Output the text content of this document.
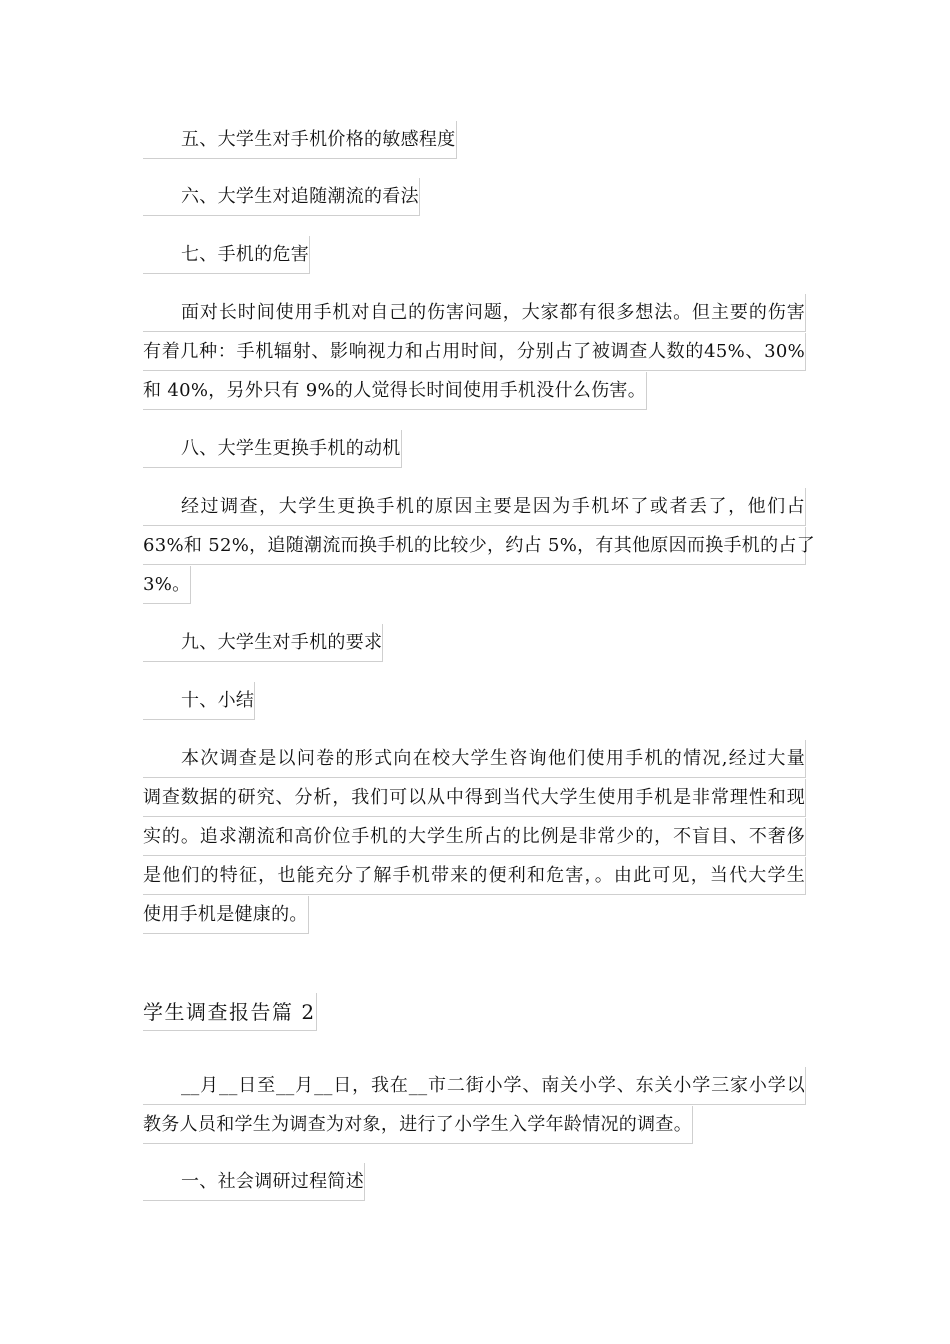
五、大学生对手机价格的敏感程度
六、大学生对追随潮流的看法
七、手机的危害
面对长时间使用手机对自己的伤害问题，大家都有很多想法。但主要的伤害
有着几种：手机辐射、影响视力和占用时间，分别占了被调查人数的45%、30%
和 40%，另外只有 9%的人觉得长时间使用手机没什么伤害。
八、大学生更换手机的动机
经过调查，大学生更换手机的原因主要是因为手机坏了或者丢了，他们占
63%和 52%，追随潮流而换手机的比较少，约占 5%，有其他原因而换手机的占了
3%。
九、大学生对手机的要求
十、小结
本次调查是以问卷的形式向在校大学生咨询他们使用手机的情况,经过大量
调查数据的研究、分析，我们可以从中得到当代大学生使用手机是非常理性和现
实的。追求潮流和高价位手机的大学生所占的比例是非常少的，不盲目、不奢侈
是他们的特征，也能充分了解手机带来的便利和危害，。由此可见，当代大学生
使用手机是健康的。
学生调查报告篇 2
__月__日至__月__日，我在__市二街小学、南关小学、东关小学三家小学以
教务人员和学生为调查为对象，进行了小学生入学年龄情况的调查。
一、社会调研过程简述
